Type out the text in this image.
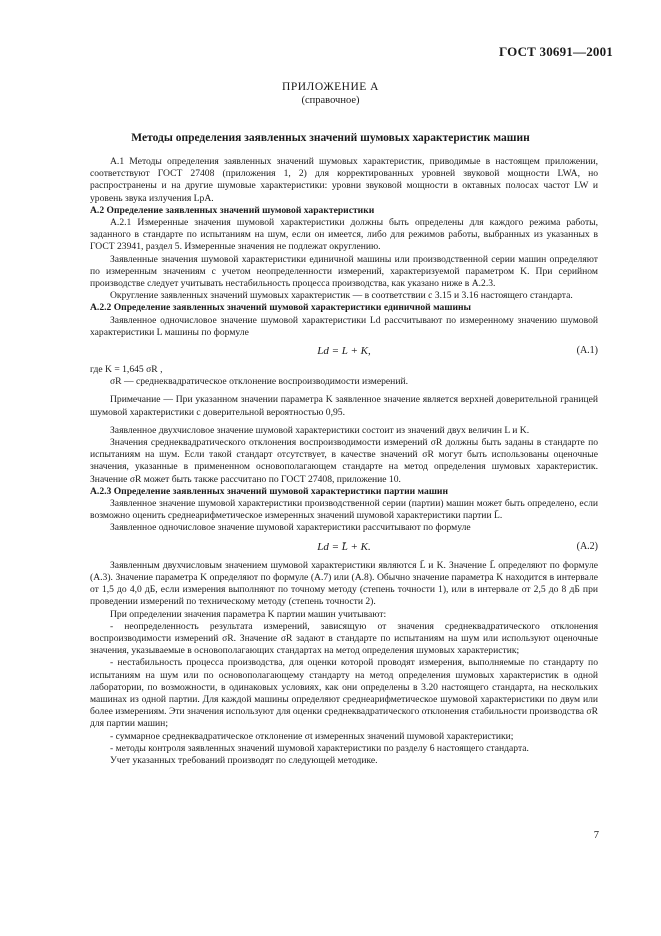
ГОСТ 30691—2001
ПРИЛОЖЕНИЕ А
(справочное)
Методы определения заявленных значений шумовых характеристик машин

А.1 Методы определения заявленных значений шумовых характеристик, приводимые в настоящем приложении, соответствуют ГОСТ 27408 (приложения 1, 2) для корректированных уровней звуковой мощности LWA, но распространены и на другие шумовые характеристики: уровни звуковой мощности в октавных полосах частот LW и уровень звука излучения LpA.

А.2 Определение заявленных значений шумовой характеристики

А.2.1 Измеренные значения шумовой характеристики должны быть определены для каждого режима работы, заданного в стандарте по испытаниям на шум, если он имеется, либо для режимов работы, выбранных из указанных в ГОСТ 23941, раздел 5. Измеренные значения не подлежат округлению.

Заявленные значения шумовой характеристики единичной машины или производственной серии машин определяют по измеренным значениям с учетом неопределенности измерений, характеризуемой параметром K. При серийном производстве следует учитывать нестабильность процесса производства, как указано ниже в А.2.3.

Округление заявленных значений шумовых характеристик — в соответствии с 3.15 и 3.16 настоящего стандарта.

А.2.2 Определение заявленных значений шумовой характеристики единичной машины

Заявленное одночисловое значение шумовой характеристики Ld рассчитывают по измеренному значению шумовой характеристики L машины по формуле

Ld = L + K,	(А.1)

где K = 1,645 σR ,

σR — среднеквадратическое отклонение воспроизводимости измерений.

Примечание — При указанном значении параметра K заявленное значение является верхней доверительной границей шумовой характеристики с доверительной вероятностью 0,95.

Заявленное двухчисловое значение шумовой характеристики состоит из значений двух величин L и K.

Значения среднеквадратического отклонения воспроизводимости измерений σR должны быть заданы в стандарте по испытаниям на шум. Если такой стандарт отсутствует, в качестве значений σR могут быть использованы оценочные значения, указанные в примененном основополагающем стандарте на метод определения шумовых характеристик. Значение σR может быть также рассчитано по ГОСТ 27408, приложение 10.

А.2.3 Определение заявленных значений шумовой характеристики партии машин

Заявленное значение шумовой характеристики производственной серии (партии) машин может быть определено, если возможно оценить среднеарифметическое измеренных значений шумовой характеристики партии L̄.

Заявленное одночисловое значение шумовой характеристики рассчитывают по формуле

Ld = L̄ + K.	(А.2)

Заявленным двухчисловым значением шумовой характеристики являются L̄ и K. Значение L̄ определяют по формуле (А.3). Значение параметра K определяют по формуле (А.7) или (А.8). Обычно значение параметра K находится в интервале от 1,5 до 4,0 дБ, если измерения выполняют по точному методу (степень точности 1), или в интервале от 2,5 до 8 дБ при проведении измерений по техническому методу (степень точности 2).

При определении значения параметра K партии машин учитывают:

- неопределенность результата измерений, зависящую от значения среднеквадратического отклонения воспроизводимости измерений σR. Значение σR задают в стандарте по испытаниям на шум или используют оценочные значения, указываемые в основополагающих стандартах на метод определения шумовых характеристик;

- нестабильность процесса производства, для оценки которой проводят измерения, выполняемые по стандарту по испытаниям на шум или по основополагающему стандарту на метод определения шумовых характеристик в одной лаборатории, по возможности, в одинаковых условиях, как они определены в 3.20 настоящего стандарта, на нескольких машинах из одной партии. Для каждой машины определяют среднеарифметическое шумовой характеристики по двум или более измерениям. Эти значения используют для оценки среднеквадратического отклонения стабильности производства σR для партии машин;

- суммарное среднеквадратическое отклонение σt измеренных значений шумовой характеристики;

- методы контроля заявленных значений шумовой характеристики по разделу 6 настоящего стандарта.

Учет указанных требований производят по следующей методике.

7
